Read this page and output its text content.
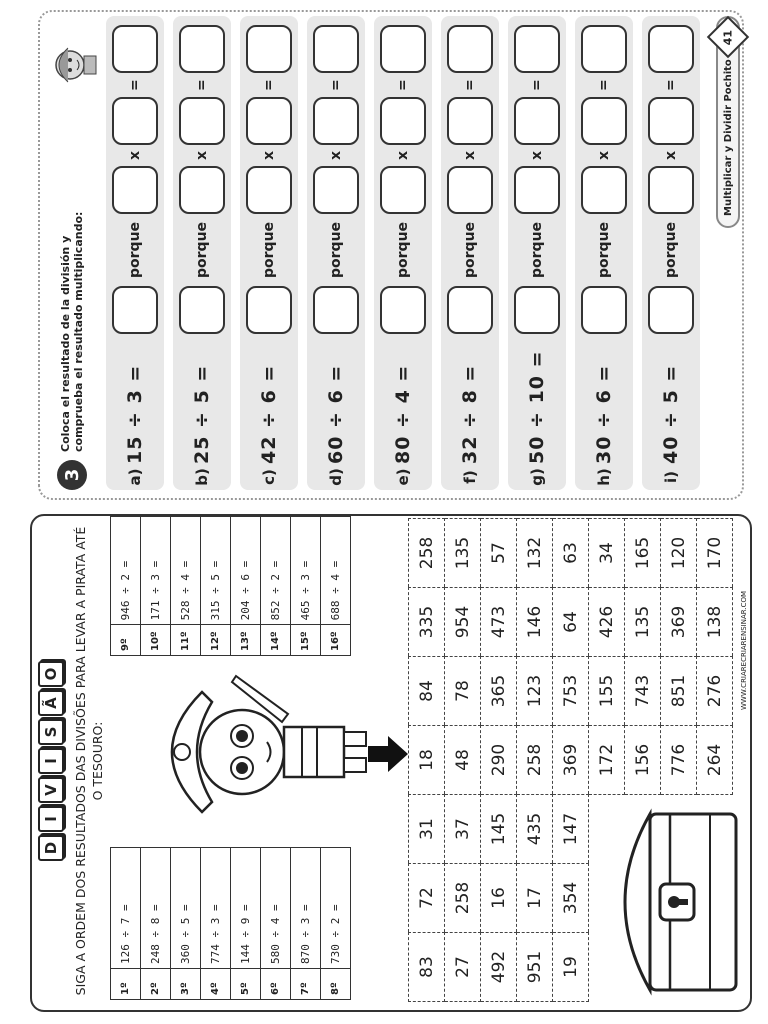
3
Coloca el resultado de la división y comprueba el resultado multiplicando:
a)
15 ÷ 3 =
porque
x
=
b)
25 ÷ 5 =
porque
x
=
c)
42 ÷ 6 =
porque
x
=
d)
60 ÷ 6 =
porque
x
=
e)
80 ÷ 4 =
porque
x
=
f)
32 ÷ 8 =
porque
x
=
g)
50 ÷ 10 =
porque
x
=
h)
30 ÷ 6 =
porque
x
=
i)
40 ÷ 5 =
porque
x
=	Multiplicar y Dividir Pochito
41
D
I
V
I
S
Ã
O	SIGA A ORDEM DOS RESULTADOS DAS DIVISÕES PARA LEVAR A PIRATA ATÉ O TESOURO:
1º	126 ÷ 7 =
2º	248 ÷ 8 =
3º	360 ÷ 5 =
4º	774 ÷ 3 =
5º	144 ÷ 9 =
6º	580 ÷ 4 =
7º	870 ÷ 3 =
8º	730 ÷ 2 =
9º	946 ÷ 2 =
10º	171 ÷ 3 =
11º	528 ÷ 4 =
12º	315 ÷ 5 =
13º	204 ÷ 6 =
14º	852 ÷ 2 =
15º	465 ÷ 3 =
16º	688 ÷ 4 =
83	72	31	18	84	335	258
27	258	37	48	78	954	135
492	16	145	290	365	473	57
951	17	435	258	123	146	132
19	354	147	369	753	64	63
			172	155	426	34
			156	743	135	165
			776	851	369	120
			264	276	138	170
WWW.CRIARECRIARENSINAR.COM
